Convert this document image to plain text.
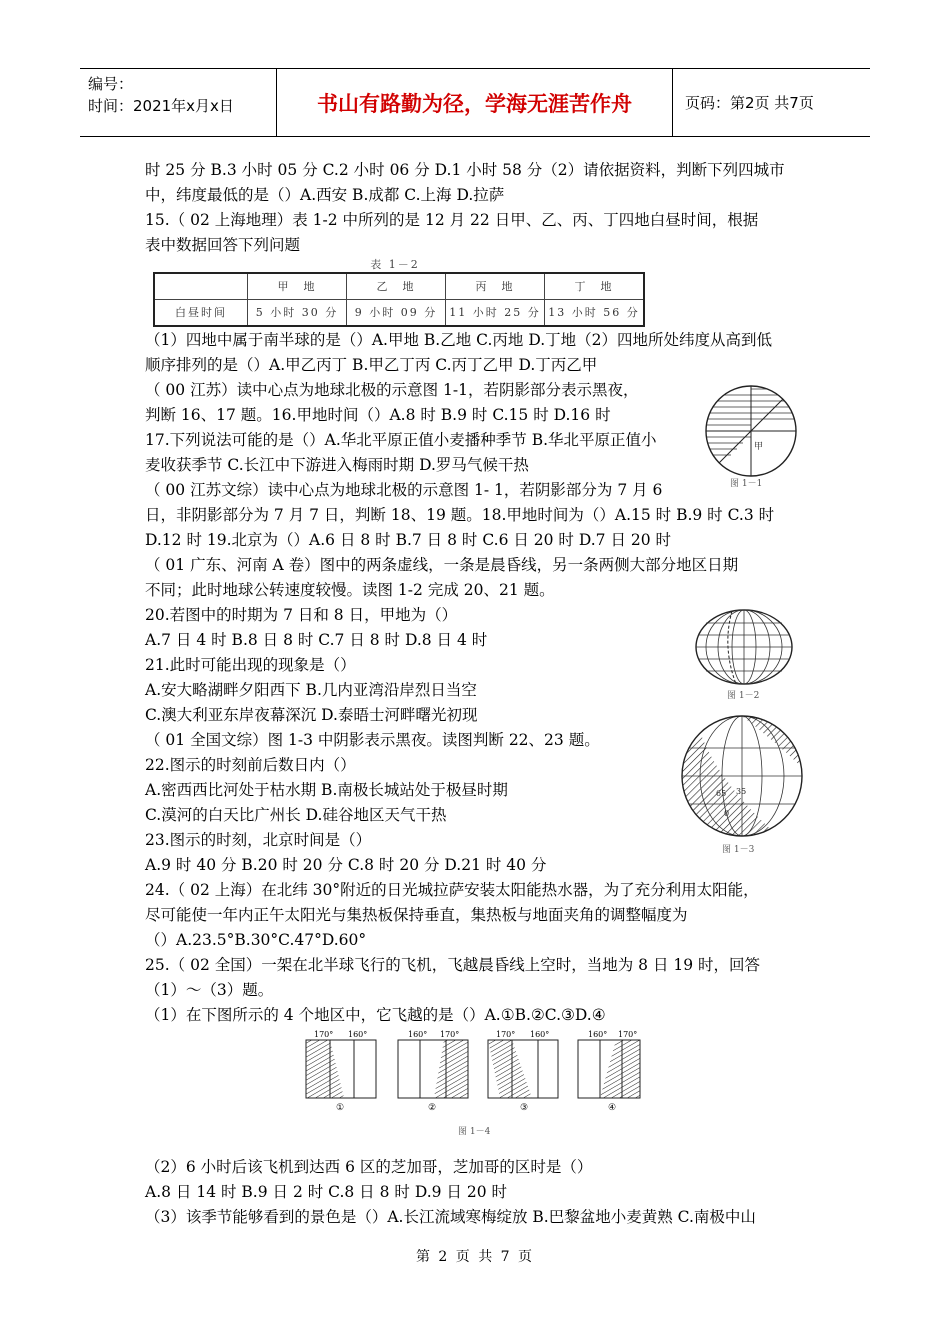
编号：
时间：2021年x月x日	书山有路勤为径，学海无涯苦作舟	页码：第2页 共7页
时 25 分 B.3 小时 05 分 C.2 小时 06 分 D.1 小时 58 分（2）请依据资料，判断下列四城市
中，纬度最低的是（）A.西安 B.成都 C.上海 D.拉萨
15.（ 02 上海地理）表 1-2 中所列的是 12 月 22 日甲、乙、丙、丁四地白昼时间，根据
表中数据回答下列问题
表 1－2
	甲　地	乙　地	丙　地	丁　地
白昼时间	5 小时 30 分	9 小时 09 分	11 小时 25 分	13 小时 56 分
（1）四地中属于南半球的是（）A.甲地 B.乙地 C.丙地 D.丁地（2）四地所处纬度从高到低
顺序排列的是（）A.甲乙丙丁 B.甲乙丁丙 C.丙丁乙甲 D.丁丙乙甲
（ 00 江苏）读中心点为地球北极的示意图 1-1，若阴影部分表示黑夜，
判断 16、17 题。16.甲地时间（）A.8 时 B.9 时 C.15 时 D.16 时
17.下列说法可能的是（）A.华北平原正值小麦播种季节 B.华北平原正值小
麦收获季节 C.长江中下游进入梅雨时期 D.罗马气候干热
（ 00 江苏文综）读中心点为地球北极的示意图 1- 1，若阴影部分为 7 月 6
日，非阴影部分为 7 月 7 日，判断 18、19 题。18.甲地时间为（）A.15 时 B.9 时 C.3 时
D.12 时 19.北京为（）A.6 日 8 时 B.7 日 8 时 C.6 日 20 时 D.7 日 20 时
（ 01 广东、河南 A 卷）图中的两条虚线，一条是晨昏线，另一条两侧大部分地区日期
不同；此时地球公转速度较慢。读图 1-2 完成 20、21 题。
20.若图中的时期为 7 日和 8 日，甲地为（）
A.7 日 4 时 B.8 日 8 时 C.7 日 8 时 D.8 日 4 时
21.此时可能出现的现象是（）
A.安大略湖畔夕阳西下 B.几内亚湾沿岸烈日当空
C.澳大利亚东岸夜幕深沉 D.泰晤士河畔曙光初现
（ 01 全国文综）图 1-3 中阴影表示黑夜。读图判断 22、23 题。
22.图示的时刻前后数日内（）
A.密西西比河处于枯水期 B.南极长城站处于极昼时期
C.漠河的白天比广州长 D.硅谷地区天气干热
23.图示的时刻，北京时间是（）
A.9 时 40 分 B.20 时 20 分 C.8 时 20 分 D.21 时 40 分
24.（ 02 上海）在北纬 30°附近的日光城拉萨安装太阳能热水器，为了充分利用太阳能，
尽可能使一年内正午太阳光与集热板保持垂直，集热板与地面夹角的调整幅度为
（）A.23.5°B.30°C.47°D.60°
25.（ 02 全国）一架在北半球飞行的飞机，飞越晨昏线上空时，当地为 8 日 19 时，回答
（1）～（3）题。
（1）在下图所示的 4 个地区中，它飞越的是（）A.①B.②C.③D.④
（2）6 小时后该飞机到达西 6 区的芝加哥，芝加哥的区时是（）
A.8 日 14 时 B.9 日 2 时 C.8 日 8 时 D.9 日 20 时
（3）该季节能够看到的景色是（）A.长江流域寒梅绽放 B.巴黎盆地小麦黄熟 C.南极中山
甲
图 1－1
图 1－2
35
65
0
图 1－3
170° 160°
①
160° 170°
②
170° 160°
③
160° 170°
④
图 1－4
第 2 页 共 7 页
